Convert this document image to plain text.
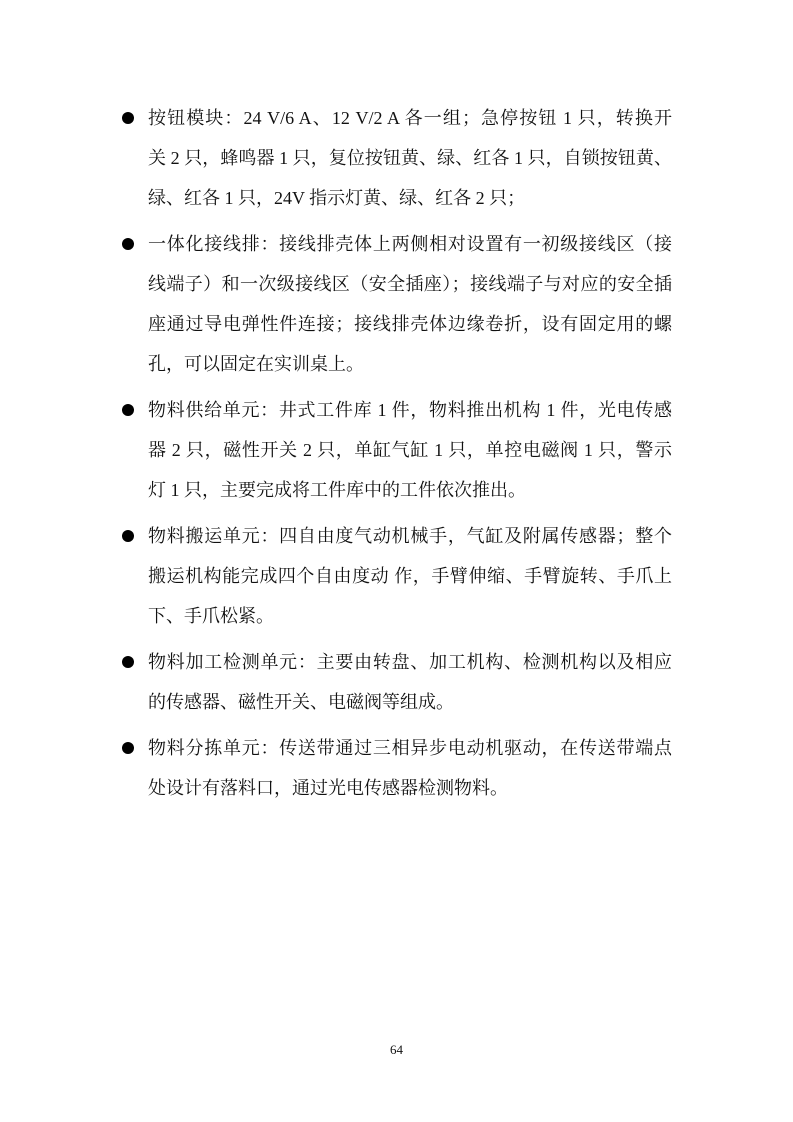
按钮模块：24 V/6 A、12 V/2 A 各一组；急停按钮 1 只，转换开
关 2 只，蜂鸣器 1 只，复位按钮黄、绿、红各 1 只，自锁按钮黄、
绿、红各 1 只，24V 指示灯黄、绿、红各 2 只；
一体化接线排：接线排壳体上两侧相对设置有一初级接线区（接
线端子）和一次级接线区（安全插座）；接线端子与对应的安全插
座通过导电弹性件连接；接线排壳体边缘卷折，设有固定用的螺
孔，可以固定在实训桌上。
物料供给单元：井式工件库 1 件，物料推出机构 1 件，光电传感
器 2 只，磁性开关 2 只，单缸气缸 1 只，单控电磁阀 1 只，警示
灯 1 只，主要完成将工件库中的工件依次推出。
物料搬运单元：四自由度气动机械手，气缸及附属传感器；整个
搬运机构能完成四个自由度动 作，手臂伸缩、手臂旋转、手爪上
下、手爪松紧。
物料加工检测单元：主要由转盘、加工机构、检测机构以及相应
的传感器、磁性开关、电磁阀等组成。
物料分拣单元：传送带通过三相异步电动机驱动，在传送带端点
处设计有落料口，通过光电传感器检测物料。
64
